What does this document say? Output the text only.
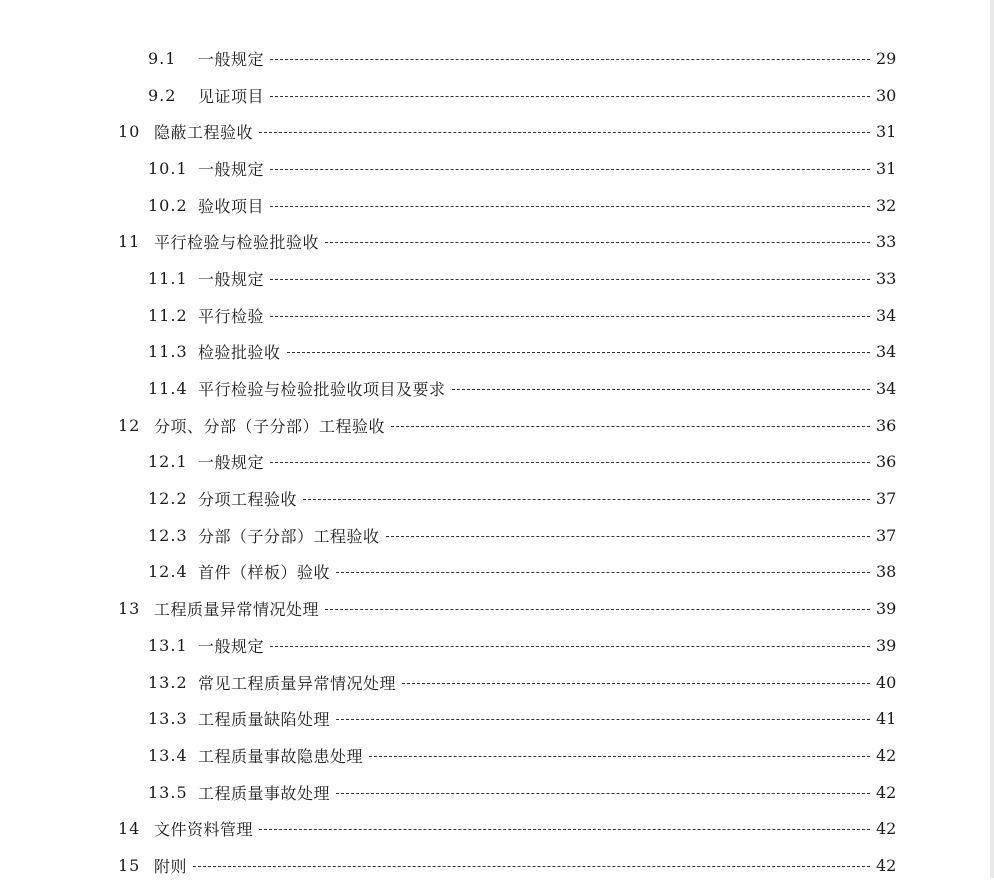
9.1	一般规定	29
9.2	见证项目	30
10 隐蔽工程验收	31
10.1 一般规定	31
10.2 验收项目	32
11 平行检验与检验批验收	33
11.1 一般规定	33
11.2 平行检验	34
11.3 检验批验收	34
11.4 平行检验与检验批验收项目及要求	34
12 分项、分部（子分部）工程验收	36
12.1 一般规定	36
12.2 分项工程验收	37
12.3 分部（子分部）工程验收	37
12.4 首件（样板）验收	38
13 工程质量异常情况处理	39
13.1 一般规定	39
13.2 常见工程质量异常情况处理	40
13.3 工程质量缺陷处理	41
13.4 工程质量事故隐患处理	42
13.5 工程质量事故处理	42
14 文件资料管理	42
15 附则	42
